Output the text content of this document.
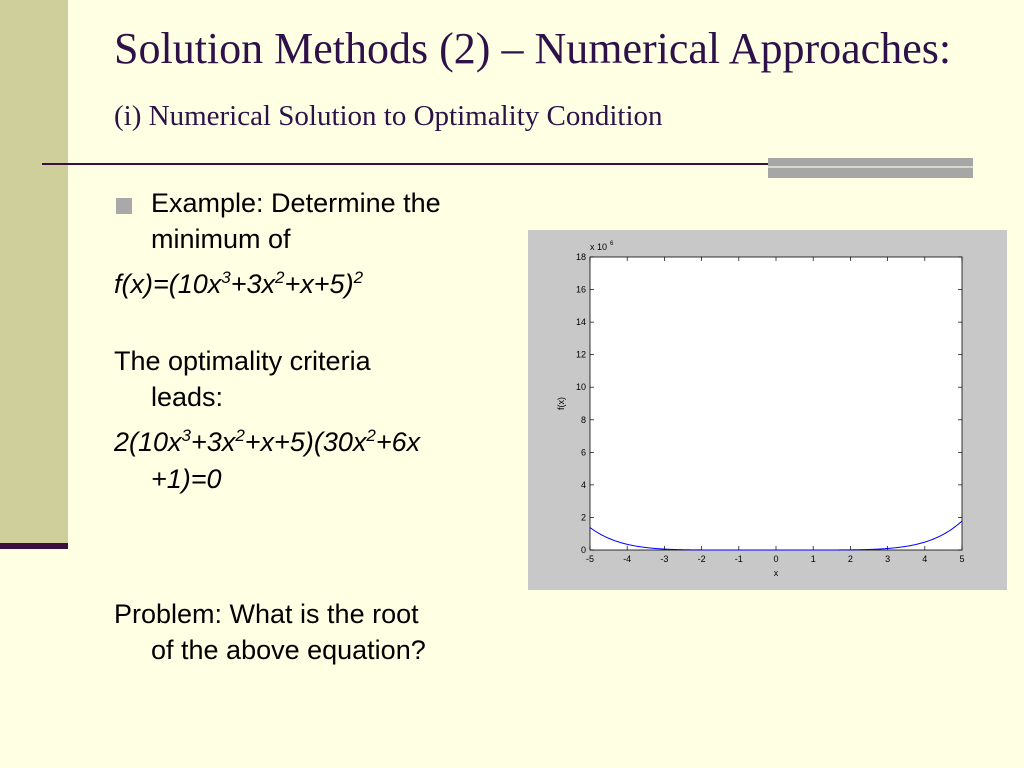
Solution Methods (2) – Numerical Approaches: (i) Numerical Solution to Optimality Condition
Example: Determine the
minimum of
$f(x)=(10x^3+3x^2+x+5)^2$
The optimality criteria
leads:
$2(10x^3+3x^2+x+5)(30x^2+6x$
+1)=0
Problem: What is the root
of the above equation?
-5	-4	-3	-2	-1	0	1	2	3	4	5
0
2
4
6
8
10
12
14
16
18
x
f(x)
x 10 6
